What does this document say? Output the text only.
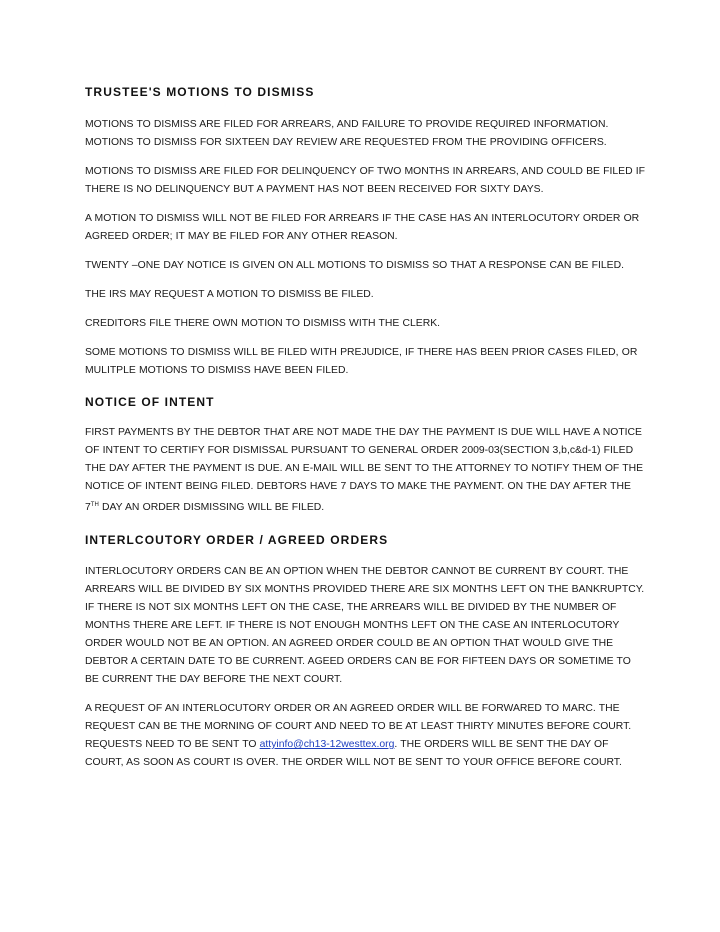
TRUSTEE'S MOTIONS TO DISMISS

MOTIONS TO DISMISS ARE FILED FOR ARREARS, AND FAILURE TO PROVIDE REQUIRED INFORMATION. MOTIONS TO DISMISS FOR SIXTEEN DAY REVIEW ARE REQUESTED FROM THE PROVIDING OFFICERS.

MOTIONS TO DISMISS ARE FILED FOR DELINQUENCY OF TWO MONTHS IN ARREARS, AND COULD BE FILED IF THERE IS NO DELINQUENCY BUT A PAYMENT HAS NOT BEEN RECEIVED FOR SIXTY DAYS.

A MOTION TO DISMISS WILL NOT BE FILED FOR ARREARS IF THE CASE HAS AN INTERLOCUTORY ORDER OR AGREED ORDER; IT MAY BE FILED FOR ANY OTHER REASON.

TWENTY –ONE DAY NOTICE IS GIVEN ON ALL MOTIONS TO DISMISS SO THAT A RESPONSE CAN BE FILED.

THE IRS MAY REQUEST A MOTION TO DISMISS BE FILED.

CREDITORS FILE THERE OWN MOTION TO DISMISS WITH THE CLERK.

SOME MOTIONS TO DISMISS WILL BE FILED WITH PREJUDICE, IF THERE HAS BEEN PRIOR CASES FILED, OR MULITPLE MOTIONS TO DISMISS HAVE BEEN FILED.

NOTICE OF INTENT

FIRST PAYMENTS BY THE DEBTOR THAT ARE NOT MADE THE DAY THE PAYMENT IS DUE WILL HAVE A NOTICE OF INTENT TO CERTIFY FOR DISMISSAL PURSUANT TO GENERAL ORDER 2009-03(SECTION 3,b,c&d-1) FILED THE DAY AFTER THE PAYMENT IS DUE. AN E-MAIL WILL BE SENT TO THE ATTORNEY TO NOTIFY THEM OF THE NOTICE OF INTENT BEING FILED. DEBTORS HAVE 7 DAYS TO MAKE THE PAYMENT. ON THE DAY AFTER THE 7TH DAY AN ORDER DISMISSING WILL BE FILED.

INTERLCOUTORY ORDER / AGREED ORDERS

INTERLOCUTORY ORDERS CAN BE AN OPTION WHEN THE DEBTOR CANNOT BE CURRENT BY COURT. THE ARREARS WILL BE DIVIDED BY SIX MONTHS PROVIDED THERE ARE SIX MONTHS LEFT ON THE BANKRUPTCY. IF THERE IS NOT SIX MONTHS LEFT ON THE CASE, THE ARREARS WILL BE DIVIDED BY THE NUMBER OF MONTHS THERE ARE LEFT. IF THERE IS NOT ENOUGH MONTHS LEFT ON THE CASE AN INTERLOCUTORY ORDER WOULD NOT BE AN OPTION. AN AGREED ORDER COULD BE AN OPTION THAT WOULD GIVE THE DEBTOR A CERTAIN DATE TO BE CURRENT. AGEED ORDERS CAN BE FOR FIFTEEN DAYS OR SOMETIME TO BE CURRENT THE DAY BEFORE THE NEXT COURT.

A REQUEST OF AN INTERLOCUTORY ORDER OR AN AGREED ORDER WILL BE FORWARED TO MARC. THE REQUEST CAN BE THE MORNING OF COURT AND NEED TO BE AT LEAST THIRTY MINUTES BEFORE COURT. REQUESTS NEED TO BE SENT TO attyinfo@ch13-12westtex.org. THE ORDERS WILL BE SENT THE DAY OF COURT, AS SOON AS COURT IS OVER. THE ORDER WILL NOT BE SENT TO YOUR OFFICE BEFORE COURT.
